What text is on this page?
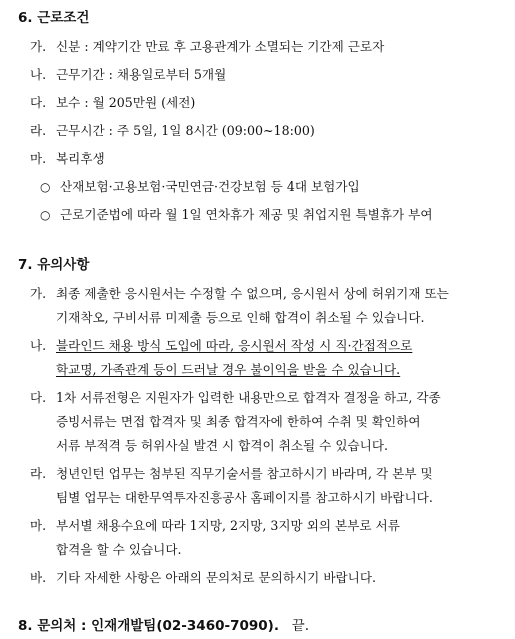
6. 근로조건
가. 신분 : 계약기간 만료 후 고용관계가 소멸되는 기간제 근로자
나. 근무기간 : 채용일로부터 5개월
다. 보수 : 월 205만원 (세전)
라. 근무시간 : 주 5일, 1일 8시간 (09:00~18:00)
마. 복리후생
○ 산재보험·고용보험·국민연금·건강보험 등 4대 보험가입
○ 근로기준법에 따라 월 1일 연차휴가 제공 및 취업지원 특별휴가 부여
7. 유의사항
가. 최종 제출한 응시원서는 수정할 수 없으며, 응시원서 상에 허위기재 또는
기재착오, 구비서류 미제출 등으로 인해 합격이 취소될 수 있습니다.
나. 블라인드 채용 방식 도입에 따라, 응시원서 작성 시 직·간접적으로
학교명, 가족관계 등이 드러날 경우 불이익을 받을 수 있습니다.
다. 1차 서류전형은 지원자가 입력한 내용만으로 합격자 결정을 하고, 각종
증빙서류는 면접 합격자 및 최종 합격자에 한하여 수취 및 확인하여
서류 부적격 등 허위사실 발견 시 합격이 취소될 수 있습니다.
라. 청년인턴 업무는 첨부된 직무기술서를 참고하시기 바라며, 각 본부 및
팀별 업무는 대한무역투자진흥공사 홈페이지를 참고하시기 바랍니다.
마. 부서별 채용수요에 따라 1지망, 2지망, 3지망 외의 본부로 서류
합격을 할 수 있습니다.
바. 기타 자세한 사항은 아래의 문의처로 문의하시기 바랍니다.
8. 문의처 : 인재개발팀(02-3460-7090). 끝.
